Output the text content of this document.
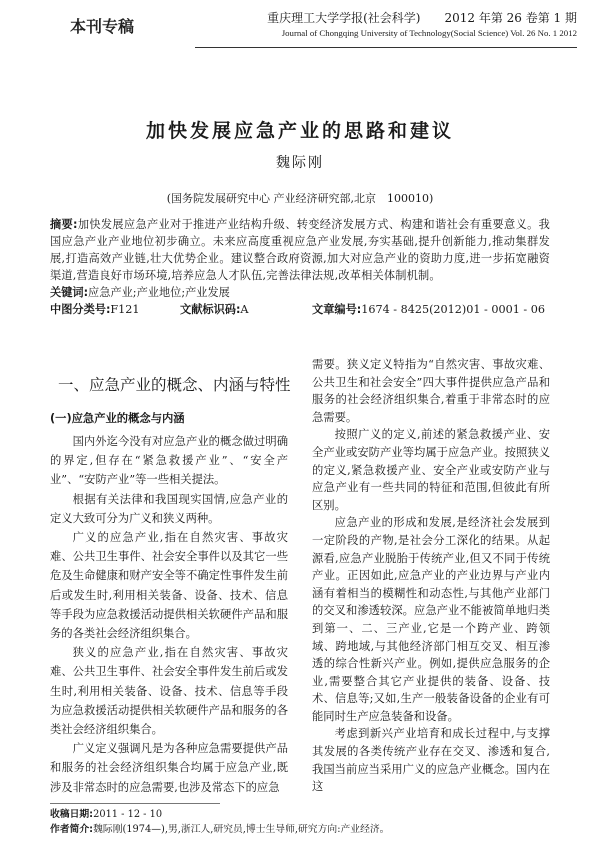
本刊专稿	重庆理工大学学报(社会科学)　　2012 年第 26 卷第 1 期
Journal of Chongqing University of Technology(Social Science) Vol. 26 No. 1 2012
加快发展应急产业的思路和建议
魏际刚
(国务院发展研究中心 产业经济研究部,北京　100010)
摘要:加快发展应急产业对于推进产业结构升级、转变经济发展方式、构建和谐社会有重要意义。我国应急产业产业地位初步确立。未来应高度重视应急产业发展,夯实基础,提升创新能力,推动集群发展,打造高效产业链,壮大优势企业。建议整合政府资源,加大对应急产业的资助力度,进一步拓宽融资渠道,营造良好市场环境,培养应急人才队伍,完善法律法规,改革相关体制机制。
关键词:应急产业;产业地位;产业发展
中图分类号:F121	文献标识码:A	文章编号:1674 - 8425(2012)01 - 0001 - 06
一、应急产业的概念、内涵与特性
(一)应急产业的概念与内涵

国内外迄今没有对应急产业的概念做过明确的界定,但存在“紧急救援产业”、“安全产业”、“安防产业”等一些相关提法。

根据有关法律和我国现实国情,应急产业的定义大致可分为广义和狭义两种。

广义的应急产业,指在自然灾害、事故灾难、公共卫生事件、社会安全事件以及其它一些危及生命健康和财产安全等不确定性事件发生前后或发生时,利用相关装备、设备、技术、信息等手段为应急救援活动提供相关软硬件产品和服务的各类社会经济组织集合。

狭义的应急产业,指在自然灾害、事故灾难、公共卫生事件、社会安全事件发生前后或发生时,利用相关装备、设备、技术、信息等手段为应急救援活动提供相关软硬件产品和服务的各类社会经济组织集合。

广义定义强调凡是为各种应急需要提供产品和服务的社会经济组织集合均属于应急产业,既涉及非常态时的应急需要,也涉及常态下的应急

需要。狭义定义特指为“自然灾害、事故灾难、公共卫生和社会安全”四大事件提供应急产品和服务的社会经济组织集合,着重于非常态时的应急需要。

按照广义的定义,前述的紧急救援产业、安全产业或安防产业等均属于应急产业。按照狭义的定义,紧急救援产业、安全产业或安防产业与应急产业有一些共同的特征和范围,但彼此有所区别。

应急产业的形成和发展,是经济社会发展到一定阶段的产物,是社会分工深化的结果。从起源看,应急产业脱胎于传统产业,但又不同于传统产业。正因如此,应急产业的产业边界与产业内涵有着相当的模糊性和动态性,与其他产业部门的交叉和渗透较深。应急产业不能被简单地归类到第一、二、三产业,它是一个跨产业、跨领域、跨地域,与其他经济部门相互交叉、相互渗透的综合性新兴产业。例如,提供应急服务的企业,需要整合其它产业提供的装备、设备、技术、信息等;又如,生产一般装备设备的企业有可能同时生产应急装备和设备。

考虑到新兴产业培育和成长过程中,与支撑其发展的各类传统产业存在交叉、渗透和复合,我国当前应当采用广义的应急产业概念。国内在这

收稿日期:2011 - 12 - 10
作者简介:魏际刚(1974—),男,浙江人,研究员,博士生导师,研究方向:产业经济。
